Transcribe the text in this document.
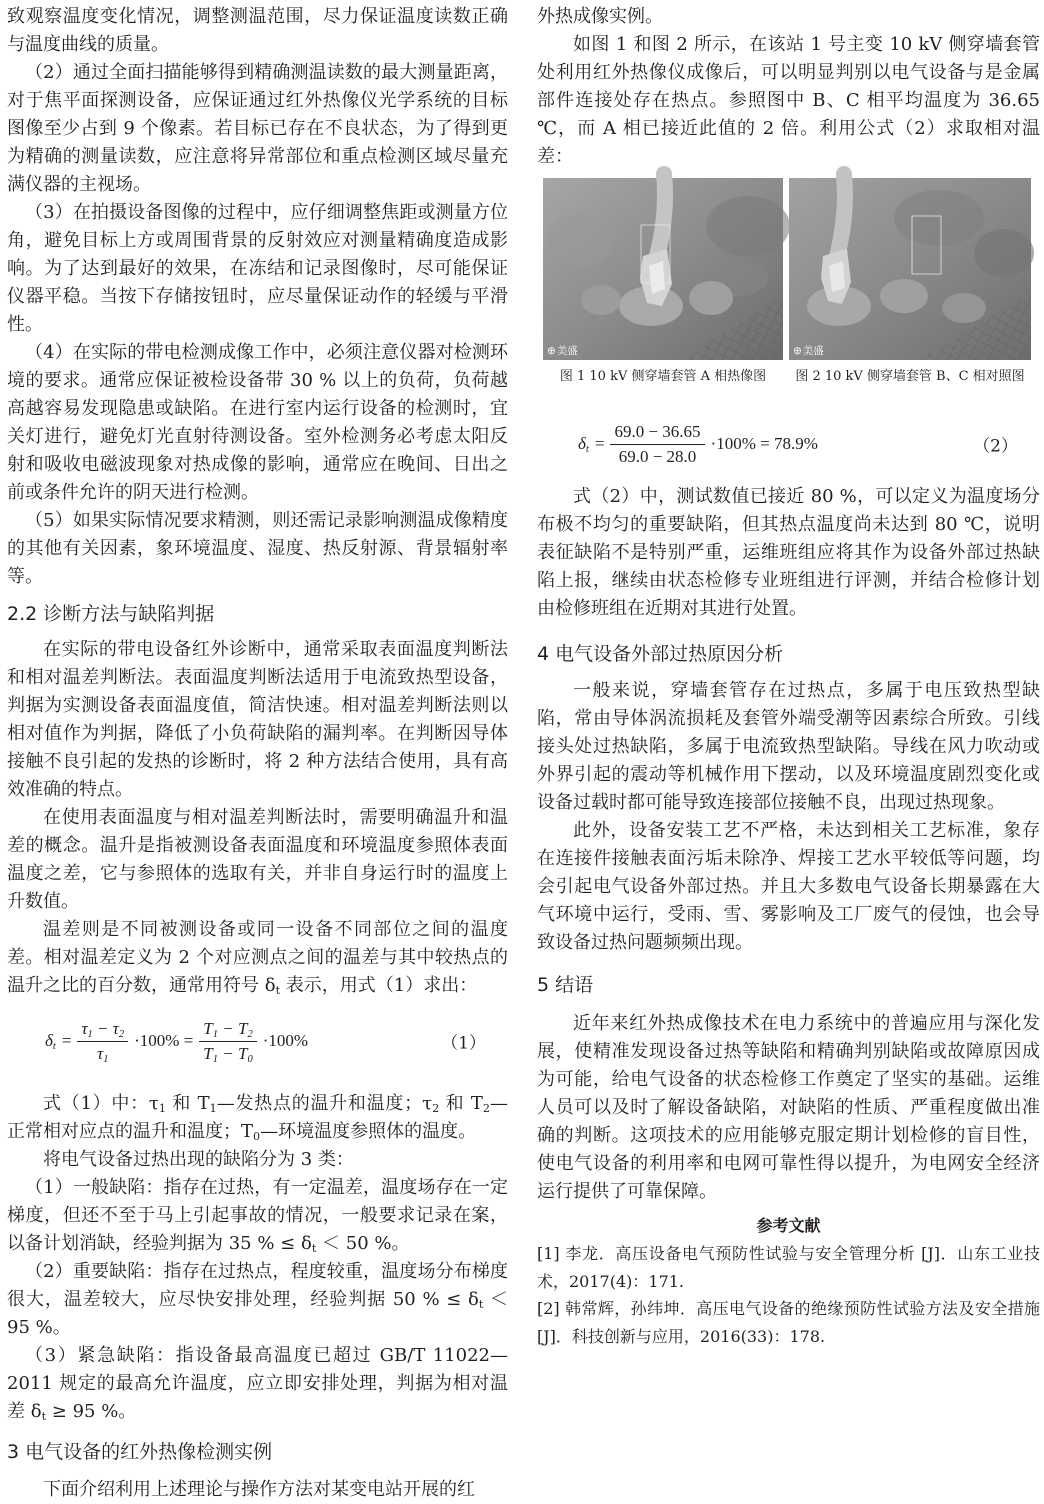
致观察温度变化情况，调整测温范围，尽力保证温度读数正确与温度曲线的质量。

（2）通过全面扫描能够得到精确测温读数的最大测量距离，对于焦平面探测设备，应保证通过红外热像仪光学系统的目标图像至少占到 9 个像素。若目标已存在不良状态，为了得到更为精确的测量读数，应注意将异常部位和重点检测区域尽量充满仪器的主视场。

（3）在拍摄设备图像的过程中，应仔细调整焦距或测量方位角，避免目标上方或周围背景的反射效应对测量精确度造成影响。为了达到最好的效果，在冻结和记录图像时，尽可能保证仪器平稳。当按下存储按钮时，应尽量保证动作的轻缓与平滑性。

（4）在实际的带电检测成像工作中，必须注意仪器对检测环境的要求。通常应保证被检设备带 30 % 以上的负荷，负荷越高越容易发现隐患或缺陷。在进行室内运行设备的检测时，宜关灯进行，避免灯光直射待测设备。室外检测务必考虑太阳反射和吸收电磁波现象对热成像的影响，通常应在晚间、日出之前或条件允许的阴天进行检测。

（5）如果实际情况要求精测，则还需记录影响测温成像精度的其他有关因素，象环境温度、湿度、热反射源、背景辐射率等。

2.2 诊断方法与缺陷判据

在实际的带电设备红外诊断中，通常采取表面温度判断法和相对温差判断法。表面温度判断法适用于电流致热型设备，判据为实测设备表面温度值，简洁快速。相对温差判断法则以相对值作为判据，降低了小负荷缺陷的漏判率。在判断因导体接触不良引起的发热的诊断时，将 2 种方法结合使用，具有高效准确的特点。

在使用表面温度与相对温差判断法时，需要明确温升和温差的概念。温升是指被测设备表面温度和环境温度参照体表面温度之差，它与参照体的选取有关，并非自身运行时的温度上升数值。

温差则是不同被测设备或同一设备不同部位之间的温度差。相对温差定义为 2 个对应测点之间的温差与其中较热点的温升之比的百分数，通常用符号 $\delta_t$ 表示，用式（1）求出：

$\delta_t = \frac{\tau_1 - \tau_2}{\tau_1} \cdot 100\% = \frac{T_1 - T_2}{T_1 - T_0} \cdot 100\%$	（1）

式（1）中：$\tau_1$ 和 $T_1—$发热点的温升和温度；$\tau_2$ 和 $T_2—$正常相对应点的温升和温度；$T_0—$环境温度参照体的温度。

将电气设备过热出现的缺陷分为 3 类：

（1）一般缺陷：指存在过热，有一定温差，温度场存在一定梯度，但还不至于马上引起事故的情况，一般要求记录在案，以备计划消缺，经验判据为 35 % ≤ $\delta_t < 50$ %。

（2）重要缺陷：指存在过热点，程度较重，温度场分布梯度很大，温差较大，应尽快安排处理，经验判据 50 % ≤ $\delta_t < 95$ %。

（3）紧急缺陷：指设备最高温度已超过 GB/T 11022—2011 规定的最高允许温度，应立即安排处理，判据为相对温差 $\delta_t \ge 95$ %。

3 电气设备的红外热像检测实例

下面介绍利用上述理论与操作方法对某变电站开展的红

外热成像实例。

如图 1 和图 2 所示，在该站 1 号主变 10 kV 侧穿墙套管处利用红外热像仪成像后，可以明显判别以电气设备与是金属部件连接处存在热点。参照图中 B、C 相平均温度为 36.65 ℃，而 A 相已接近此值的 2 倍。利用公式（2）求取相对温差：

⊕美盛	⊕美盛
图 1 10 kV 侧穿墙套管 A 相热像图	图 2 10 kV 侧穿墙套管 B、C 相对照图
$\delta_t = \frac{69.0 - 36.65}{69.0 - 28.0} \cdot 100\% = 78.9\%$	（2）

式（2）中，测试数值已接近 80 %，可以定义为温度场分布极不均匀的重要缺陷，但其热点温度尚未达到 80 ℃，说明表征缺陷不是特别严重，运维班组应将其作为设备外部过热缺陷上报，继续由状态检修专业班组进行评测，并结合检修计划由检修班组在近期对其进行处置。

4 电气设备外部过热原因分析

一般来说，穿墙套管存在过热点，多属于电压致热型缺陷，常由导体涡流损耗及套管外端受潮等因素综合所致。引线接头处过热缺陷，多属于电流致热型缺陷。导线在风力吹动或外界引起的震动等机械作用下摆动，以及环境温度剧烈变化或设备过载时都可能导致连接部位接触不良，出现过热现象。

此外，设备安装工艺不严格，未达到相关工艺标准，象存在连接件接触表面污垢未除净、焊接工艺水平较低等问题，均会引起电气设备外部过热。并且大多数电气设备长期暴露在大气环境中运行，受雨、雪、雾影响及工厂废气的侵蚀，也会导致设备过热问题频频出现。

5 结语

近年来红外热成像技术在电力系统中的普遍应用与深化发展，使精准发现设备过热等缺陷和精确判别缺陷或故障原因成为可能，给电气设备的状态检修工作奠定了坚实的基础。运维人员可以及时了解设备缺陷，对缺陷的性质、严重程度做出准确的判断。这项技术的应用能够克服定期计划检修的盲目性，使电气设备的利用率和电网可靠性得以提升，为电网安全经济运行提供了可靠保障。

参考文献

[1] 李龙．高压设备电气预防性试验与安全管理分析 [J]．山东工业技术，2017(4)：171.

[2] 韩常辉，孙纬坤．高压电气设备的绝缘预防性试验方法及安全措施 [J]．科技创新与应用，2016(33)：178.
